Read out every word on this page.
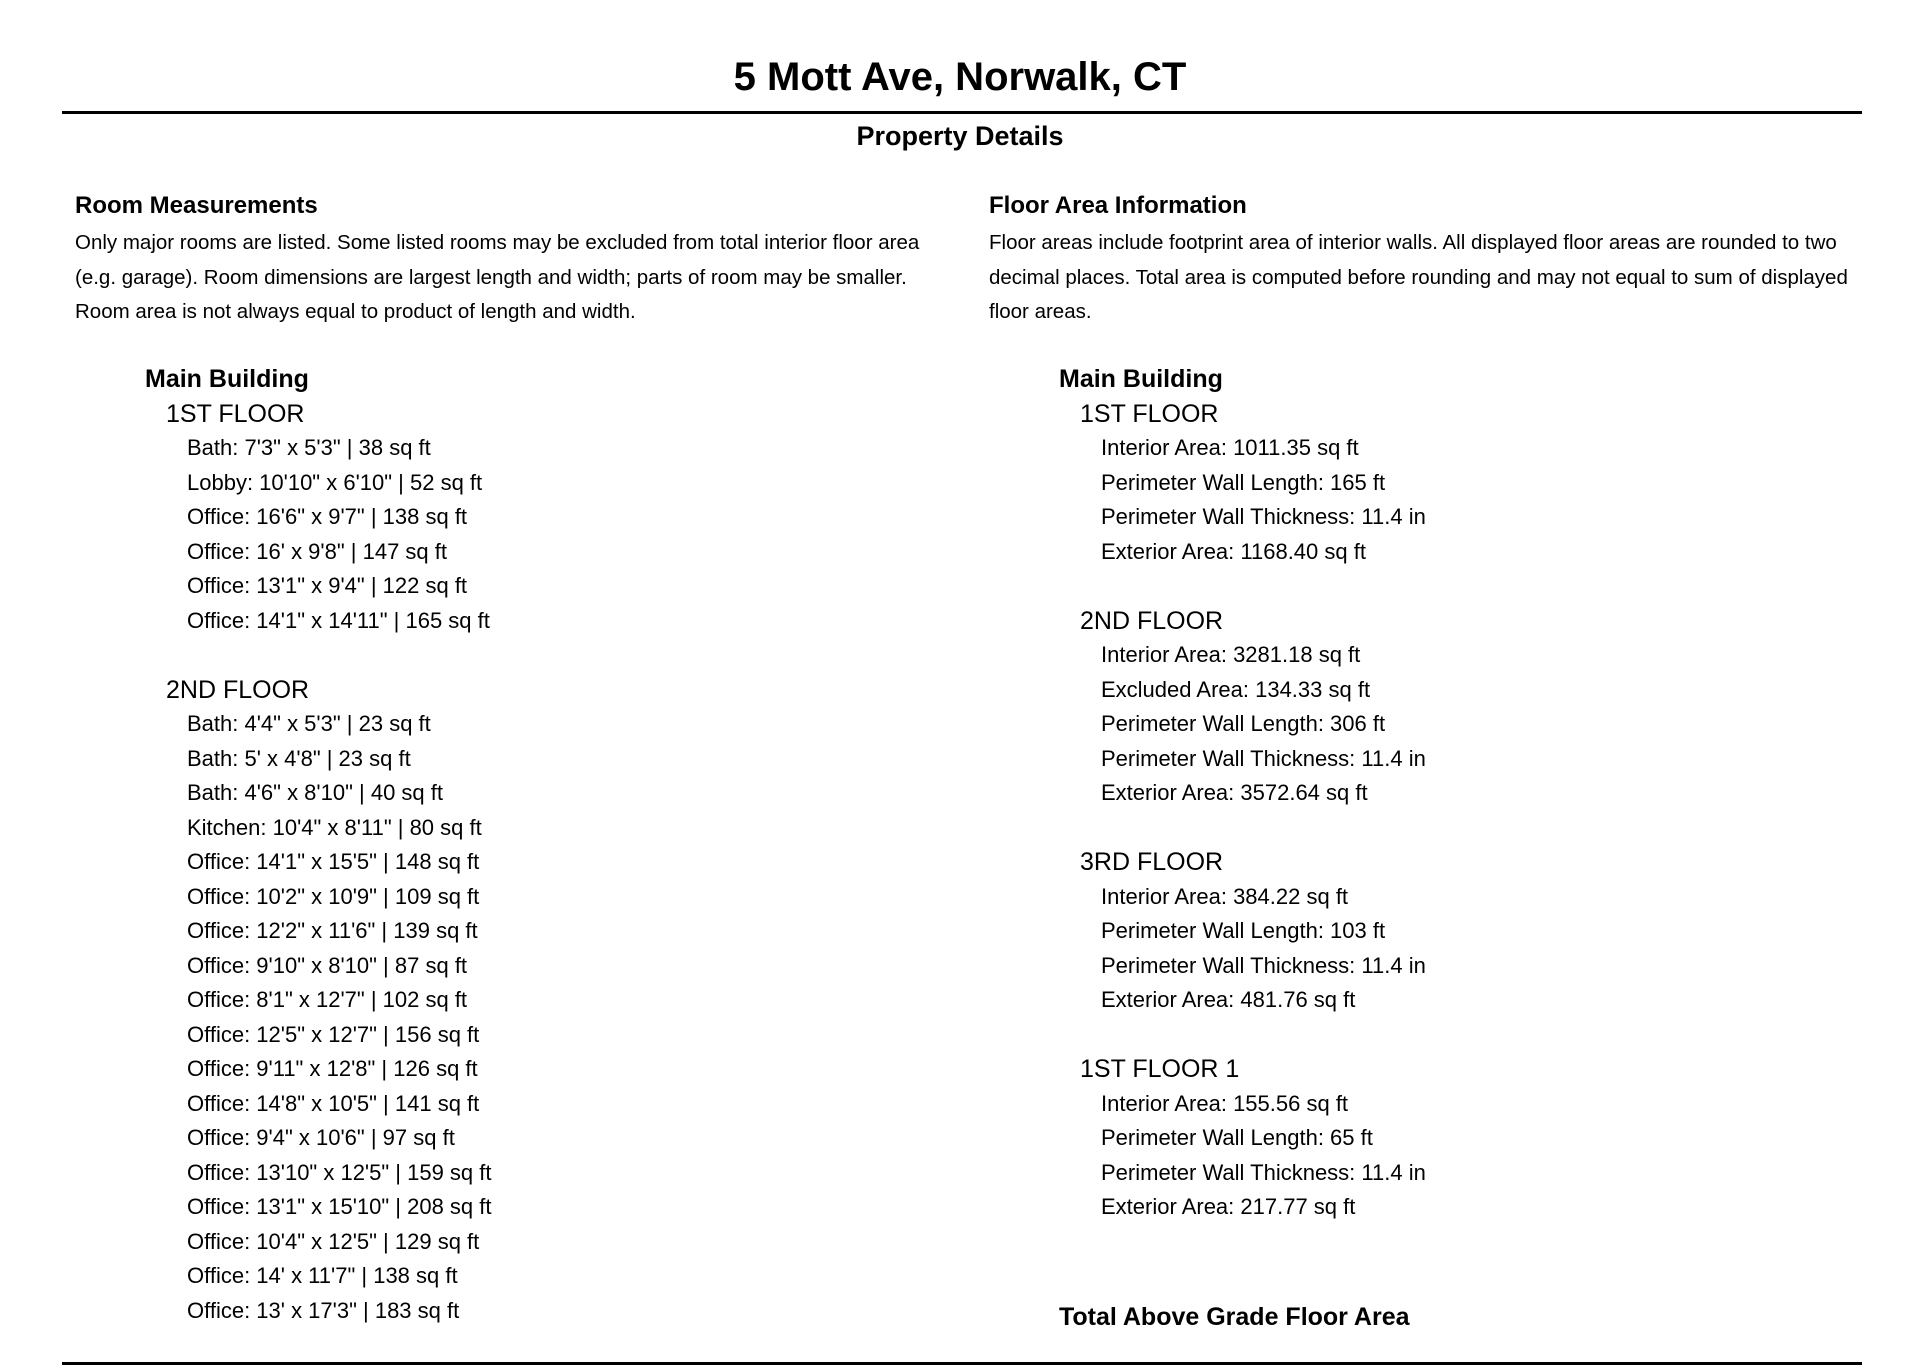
5 Mott Ave, Norwalk, CT
Property Details
Room Measurements

Only major rooms are listed. Some listed rooms may be excluded from total interior floor area (e.g. garage). Room dimensions are largest length and width; parts of room may be smaller. Room area is not always equal to product of length and width.

Floor Area Information

Floor areas include footprint area of interior walls. All displayed floor areas are rounded to two decimal places. Total area is computed before rounding and may not equal to sum of displayed floor areas.

Main Building
1ST FLOOR
Bath: 7'3" x 5'3" | 38 sq ft
Lobby: 10'10" x 6'10" | 52 sq ft
Office: 16'6" x 9'7" | 138 sq ft
Office: 16' x 9'8" | 147 sq ft
Office: 13'1" x 9'4" | 122 sq ft
Office: 14'1" x 14'11" | 165 sq ft
2ND FLOOR
Bath: 4'4" x 5'3" | 23 sq ft
Bath: 5' x 4'8" | 23 sq ft
Bath: 4'6" x 8'10" | 40 sq ft
Kitchen: 10'4" x 8'11" | 80 sq ft
Office: 14'1" x 15'5" | 148 sq ft
Office: 10'2" x 10'9" | 109 sq ft
Office: 12'2" x 11'6" | 139 sq ft
Office: 9'10" x 8'10" | 87 sq ft
Office: 8'1" x 12'7" | 102 sq ft
Office: 12'5" x 12'7" | 156 sq ft
Office: 9'11" x 12'8" | 126 sq ft
Office: 14'8" x 10'5" | 141 sq ft
Office: 9'4" x 10'6" | 97 sq ft
Office: 13'10" x 12'5" | 159 sq ft
Office: 13'1" x 15'10" | 208 sq ft
Office: 10'4" x 12'5" | 129 sq ft
Office: 14' x 11'7" | 138 sq ft
Office: 13' x 17'3" | 183 sq ft
Main Building
1ST FLOOR
Interior Area: 1011.35 sq ft
Perimeter Wall Length: 165 ft
Perimeter Wall Thickness: 11.4 in
Exterior Area: 1168.40 sq ft
2ND FLOOR
Interior Area: 3281.18 sq ft
Excluded Area: 134.33 sq ft
Perimeter Wall Length: 306 ft
Perimeter Wall Thickness: 11.4 in
Exterior Area: 3572.64 sq ft
3RD FLOOR
Interior Area: 384.22 sq ft
Perimeter Wall Length: 103 ft
Perimeter Wall Thickness: 11.4 in
Exterior Area: 481.76 sq ft
1ST FLOOR 1
Interior Area: 155.56 sq ft
Perimeter Wall Length: 65 ft
Perimeter Wall Thickness: 11.4 in
Exterior Area: 217.77 sq ft
Total Above Grade Floor Area
